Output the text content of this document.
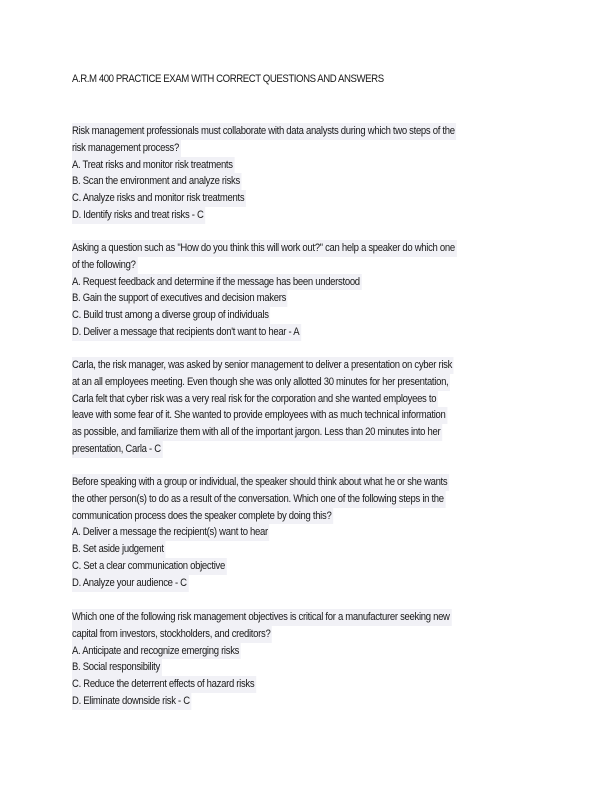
A.R.M 400 PRACTICE EXAM WITH CORRECT QUESTIONS AND ANSWERS
Risk management professionals must collaborate with data analysts during which two steps of the
risk management process?
A. Treat risks and monitor risk treatments
B. Scan the environment and analyze risks
C. Analyze risks and monitor risk treatments
D. Identify risks and treat risks - C
Asking a question such as "How do you think this will work out?" can help a speaker do which one
of the following?
A. Request feedback and determine if the message has been understood
B. Gain the support of executives and decision makers
C. Build trust among a diverse group of individuals
D. Deliver a message that recipients don't want to hear - A
Carla, the risk manager, was asked by senior management to deliver a presentation on cyber risk
at an all employees meeting. Even though she was only allotted 30 minutes for her presentation,
Carla felt that cyber risk was a very real risk for the corporation and she wanted employees to
leave with some fear of it. She wanted to provide employees with as much technical information
as possible, and familiarize them with all of the important jargon. Less than 20 minutes into her
presentation, Carla - C
Before speaking with a group or individual, the speaker should think about what he or she wants
the other person(s) to do as a result of the conversation. Which one of the following steps in the
communication process does the speaker complete by doing this?
A. Deliver a message the recipient(s) want to hear
B. Set aside judgement
C. Set a clear communication objective
D. Analyze your audience - C
Which one of the following risk management objectives is critical for a manufacturer seeking new
capital from investors, stockholders, and creditors?
A. Anticipate and recognize emerging risks
B. Social responsibility
C. Reduce the deterrent effects of hazard risks
D. Eliminate downside risk - C
